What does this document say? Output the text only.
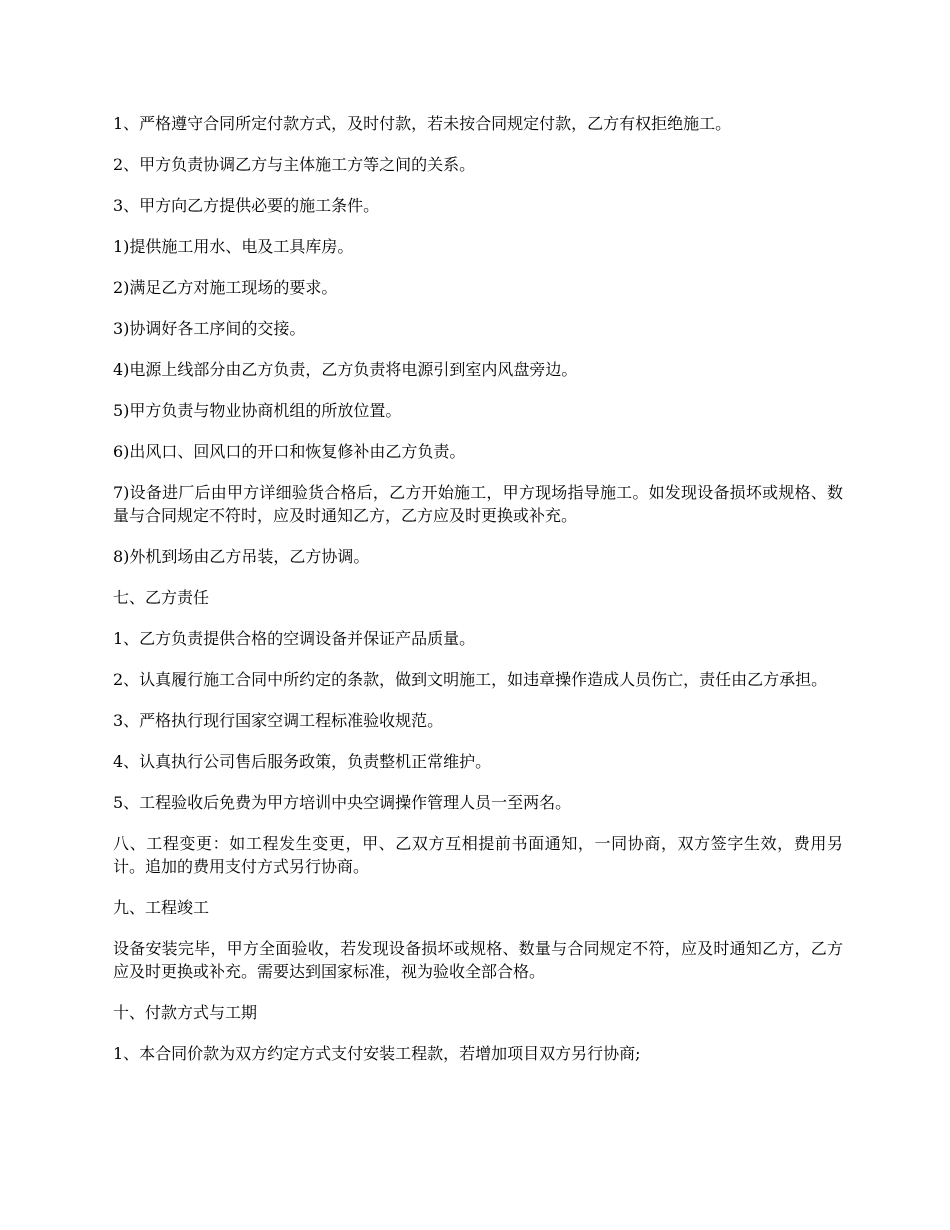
1、严格遵守合同所定付款方式，及时付款，若未按合同规定付款，乙方有权拒绝施工。

2、甲方负责协调乙方与主体施工方等之间的关系。

3、甲方向乙方提供必要的施工条件。

1)提供施工用水、电及工具库房。

2)满足乙方对施工现场的要求。

3)协调好各工序间的交接。

4)电源上线部分由乙方负责，乙方负责将电源引到室内风盘旁边。

5)甲方负责与物业协商机组的所放位置。

6)出风口、回风口的开口和恢复修补由乙方负责。

7)设备进厂后由甲方详细验货合格后，乙方开始施工，甲方现场指导施工。如发现设备损坏或规格、数量与合同规定不符时，应及时通知乙方，乙方应及时更换或补充。

8)外机到场由乙方吊装，乙方协调。

七、乙方责任

1、乙方负责提供合格的空调设备并保证产品质量。

2、认真履行施工合同中所约定的条款，做到文明施工，如违章操作造成人员伤亡，责任由乙方承担。

3、严格执行现行国家空调工程标准验收规范。

4、认真执行公司售后服务政策，负责整机正常维护。

5、工程验收后免费为甲方培训中央空调操作管理人员一至两名。

八、工程变更：如工程发生变更，甲、乙双方互相提前书面通知，一同协商，双方签字生效，费用另计。追加的费用支付方式另行协商。

九、工程竣工

设备安装完毕，甲方全面验收，若发现设备损坏或规格、数量与合同规定不符，应及时通知乙方，乙方应及时更换或补充。需要达到国家标准，视为验收全部合格。

十、付款方式与工期

1、本合同价款为双方约定方式支付安装工程款，若增加项目双方另行协商;
